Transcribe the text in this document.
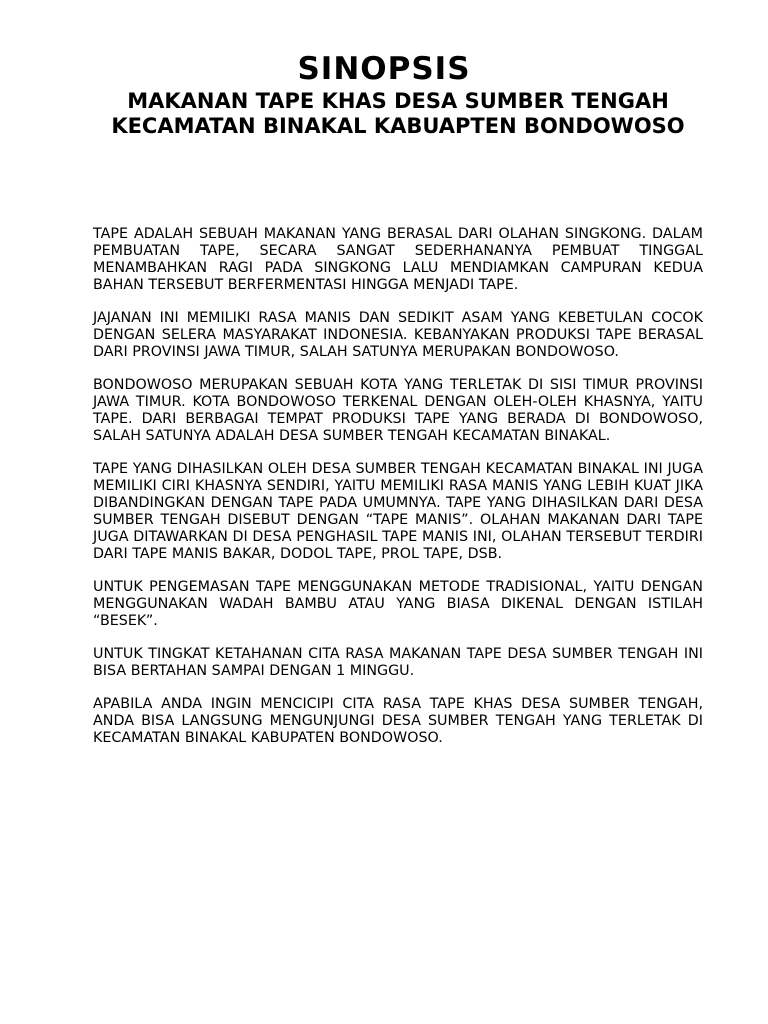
SINOPSIS
MAKANAN TAPE KHAS DESA SUMBER TENGAH KECAMATAN BINAKAL KABUAPTEN BONDOWOSO

TAPE ADALAH SEBUAH MAKANAN YANG BERASAL DARI OLAHAN SINGKONG. DALAM PEMBUATAN TAPE, SECARA SANGAT SEDERHANANYA PEMBUAT TINGGAL MENAMBAHKAN RAGI PADA SINGKONG LALU MENDIAMKAN CAMPURAN KEDUA BAHAN TERSEBUT BERFERMENTASI HINGGA MENJADI TAPE.

JAJANAN INI MEMILIKI RASA MANIS DAN SEDIKIT ASAM YANG KEBETULAN COCOK DENGAN SELERA MASYARAKAT INDONESIA. KEBANYAKAN PRODUKSI TAPE BERASAL DARI PROVINSI JAWA TIMUR, SALAH SATUNYA MERUPAKAN BONDOWOSO.

BONDOWOSO MERUPAKAN SEBUAH KOTA YANG TERLETAK DI SISI TIMUR PROVINSI JAWA TIMUR. KOTA BONDOWOSO TERKENAL DENGAN OLEH-OLEH KHASNYA, YAITU TAPE. DARI BERBAGAI TEMPAT PRODUKSI TAPE YANG BERADA DI BONDOWOSO, SALAH SATUNYA ADALAH DESA SUMBER TENGAH KECAMATAN BINAKAL.

TAPE YANG DIHASILKAN OLEH DESA SUMBER TENGAH KECAMATAN BINAKAL INI JUGA MEMILIKI CIRI KHASNYA SENDIRI, YAITU MEMILIKI RASA MANIS YANG LEBIH KUAT JIKA DIBANDINGKAN DENGAN TAPE PADA UMUMNYA. TAPE YANG DIHASILKAN DARI DESA SUMBER TENGAH DISEBUT DENGAN “TAPE MANIS”. OLAHAN MAKANAN DARI TAPE JUGA DITAWARKAN DI DESA PENGHASIL TAPE MANIS INI, OLAHAN TERSEBUT TERDIRI DARI TAPE MANIS BAKAR, DODOL TAPE, PROL TAPE, DSB.

UNTUK PENGEMASAN TAPE MENGGUNAKAN METODE TRADISIONAL, YAITU DENGAN MENGGUNAKAN WADAH BAMBU ATAU YANG BIASA DIKENAL DENGAN ISTILAH “BESEK”.

UNTUK TINGKAT KETAHANAN CITA RASA MAKANAN TAPE DESA SUMBER TENGAH INI BISA BERTAHAN SAMPAI DENGAN 1 MINGGU.

APABILA ANDA INGIN MENCICIPI CITA RASA TAPE KHAS DESA SUMBER TENGAH, ANDA BISA LANGSUNG MENGUNJUNGI DESA SUMBER TENGAH YANG TERLETAK DI KECAMATAN BINAKAL KABUPATEN BONDOWOSO.
